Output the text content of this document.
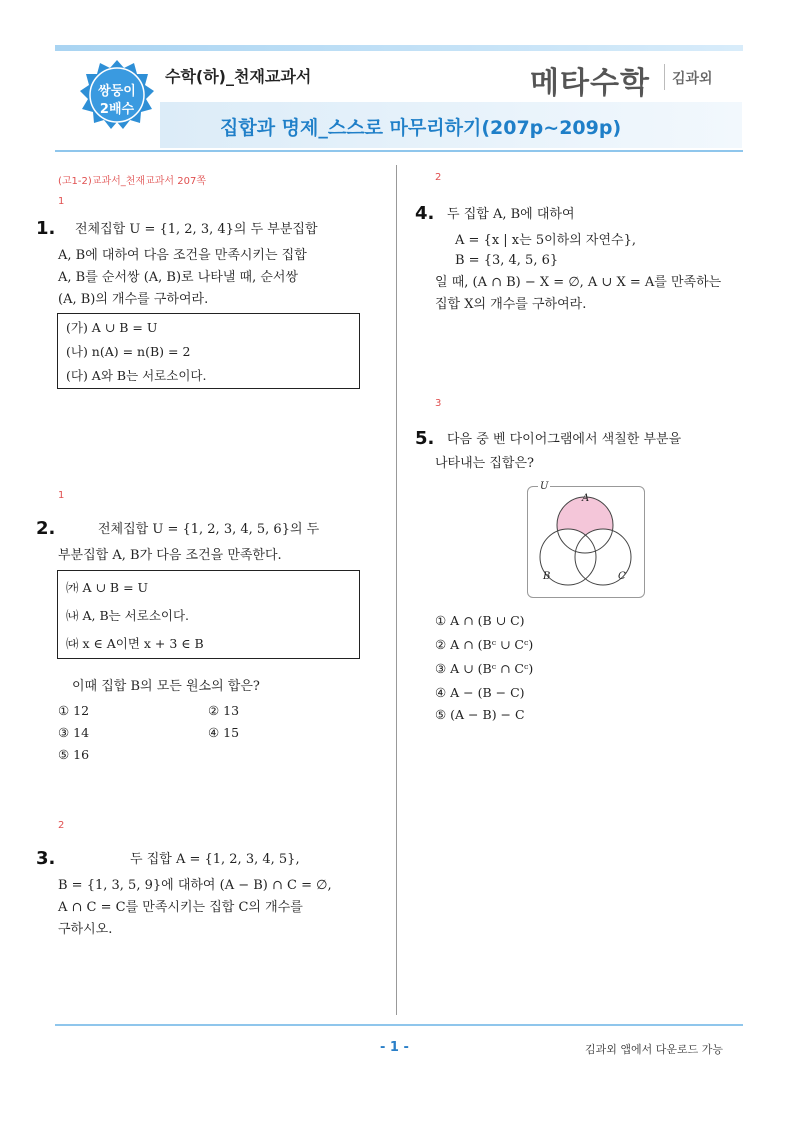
쌍둥이
2배수
수학(하)_천재교과서	메타수학 김과외
집합과 명제_스스로 마무리하기(207p~209p)
(고1-2)교과서_천재교과서 207쪽
1
1. 전체집합 U = {1, 2, 3, 4}의 두 부분집합
A, B에 대하여 다음 조건을 만족시키는 집합
A, B를 순서쌍 (A, B)로 나타낼 때, 순서쌍
(A, B)의 개수를 구하여라.
(가) A ∪ B = U
(나) n(A) = n(B) = 2
(다) A와 B는 서로소이다.
1
2.	전체집합 U = {1, 2, 3, 4, 5, 6}의 두
부분집합 A, B가 다음 조건을 만족한다.
㈎ A ∪ B = U
㈏ A, B는 서로소이다.
㈐ x ∈ A이면 x + 3 ∈ B
이때 집합 B의 모든 원소의 합은?
① 12	② 13
③ 14	④ 15
⑤ 16
2
3.	두 집합 A = {1, 2, 3, 4, 5},
B = {1, 3, 5, 9}에 대하여 (A − B) ∩ C = ∅,
A ∩ C = C를 만족시키는 집합 C의 개수를
구하시오.
2
4. 두 집합 A, B에 대하여
A = {x | x는 5이하의 자연수},
B = {3, 4, 5, 6}
일 때, (A ∩ B) − X = ∅, A ∪ X = A를 만족하는
집합 X의 개수를 구하여라.
3
5. 다음 중 벤 다이어그램에서 색칠한 부분을
나타내는 집합은?
U
A
B	C
① A ∩ (B ∪ C)
② A ∩ (Bᶜ ∪ Cᶜ)
③ A ∪ (Bᶜ ∩ Cᶜ)
④ A − (B − C)
⑤ (A − B) − C
- 1 -	김과외 앱에서 다운로드 가능
